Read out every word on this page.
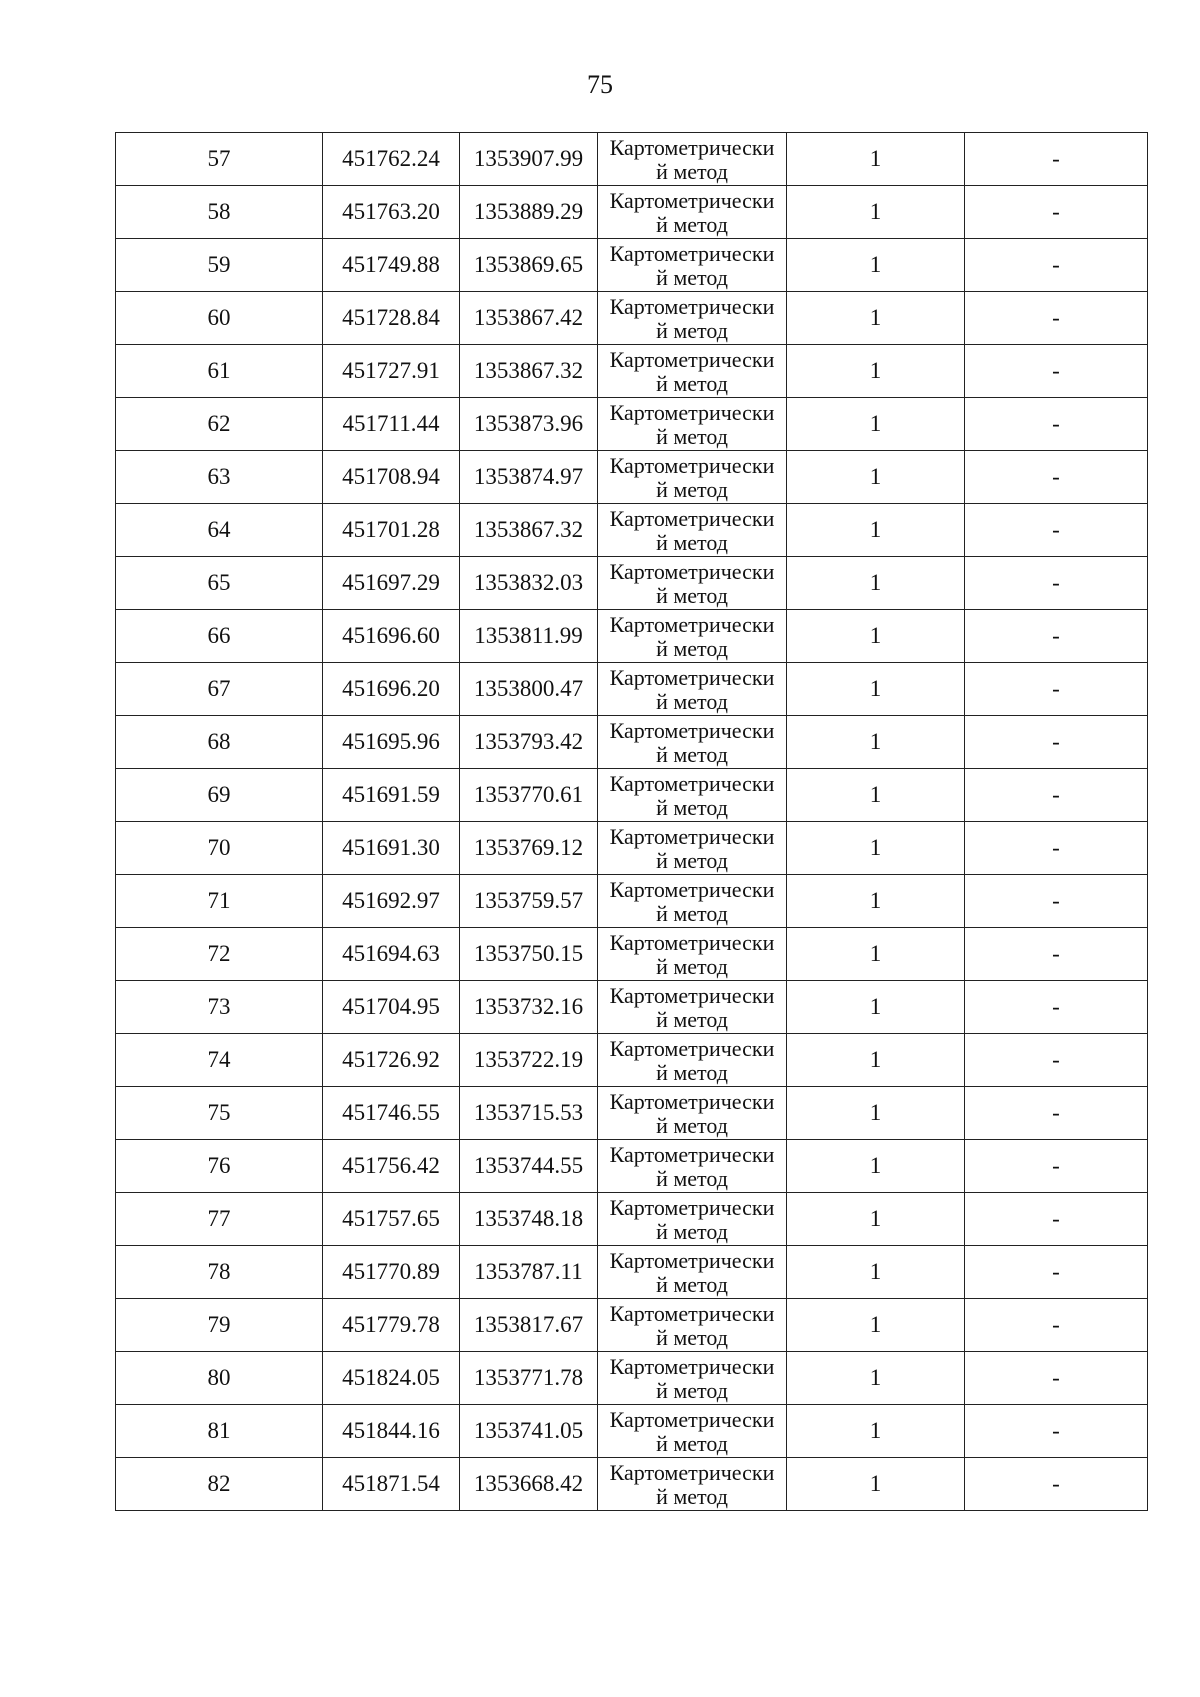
75
57	451762.24	1353907.99	Картометрически
й метод	1	-
58	451763.20	1353889.29	Картометрически
й метод	1	-
59	451749.88	1353869.65	Картометрически
й метод	1	-
60	451728.84	1353867.42	Картометрически
й метод	1	-
61	451727.91	1353867.32	Картометрически
й метод	1	-
62	451711.44	1353873.96	Картометрически
й метод	1	-
63	451708.94	1353874.97	Картометрически
й метод	1	-
64	451701.28	1353867.32	Картометрически
й метод	1	-
65	451697.29	1353832.03	Картометрически
й метод	1	-
66	451696.60	1353811.99	Картометрически
й метод	1	-
67	451696.20	1353800.47	Картометрически
й метод	1	-
68	451695.96	1353793.42	Картометрически
й метод	1	-
69	451691.59	1353770.61	Картометрически
й метод	1	-
70	451691.30	1353769.12	Картометрически
й метод	1	-
71	451692.97	1353759.57	Картометрически
й метод	1	-
72	451694.63	1353750.15	Картометрически
й метод	1	-
73	451704.95	1353732.16	Картометрически
й метод	1	-
74	451726.92	1353722.19	Картометрически
й метод	1	-
75	451746.55	1353715.53	Картометрически
й метод	1	-
76	451756.42	1353744.55	Картометрически
й метод	1	-
77	451757.65	1353748.18	Картометрически
й метод	1	-
78	451770.89	1353787.11	Картометрически
й метод	1	-
79	451779.78	1353817.67	Картометрически
й метод	1	-
80	451824.05	1353771.78	Картометрически
й метод	1	-
81	451844.16	1353741.05	Картометрически
й метод	1	-
82	451871.54	1353668.42	Картометрически
й метод	1	-
